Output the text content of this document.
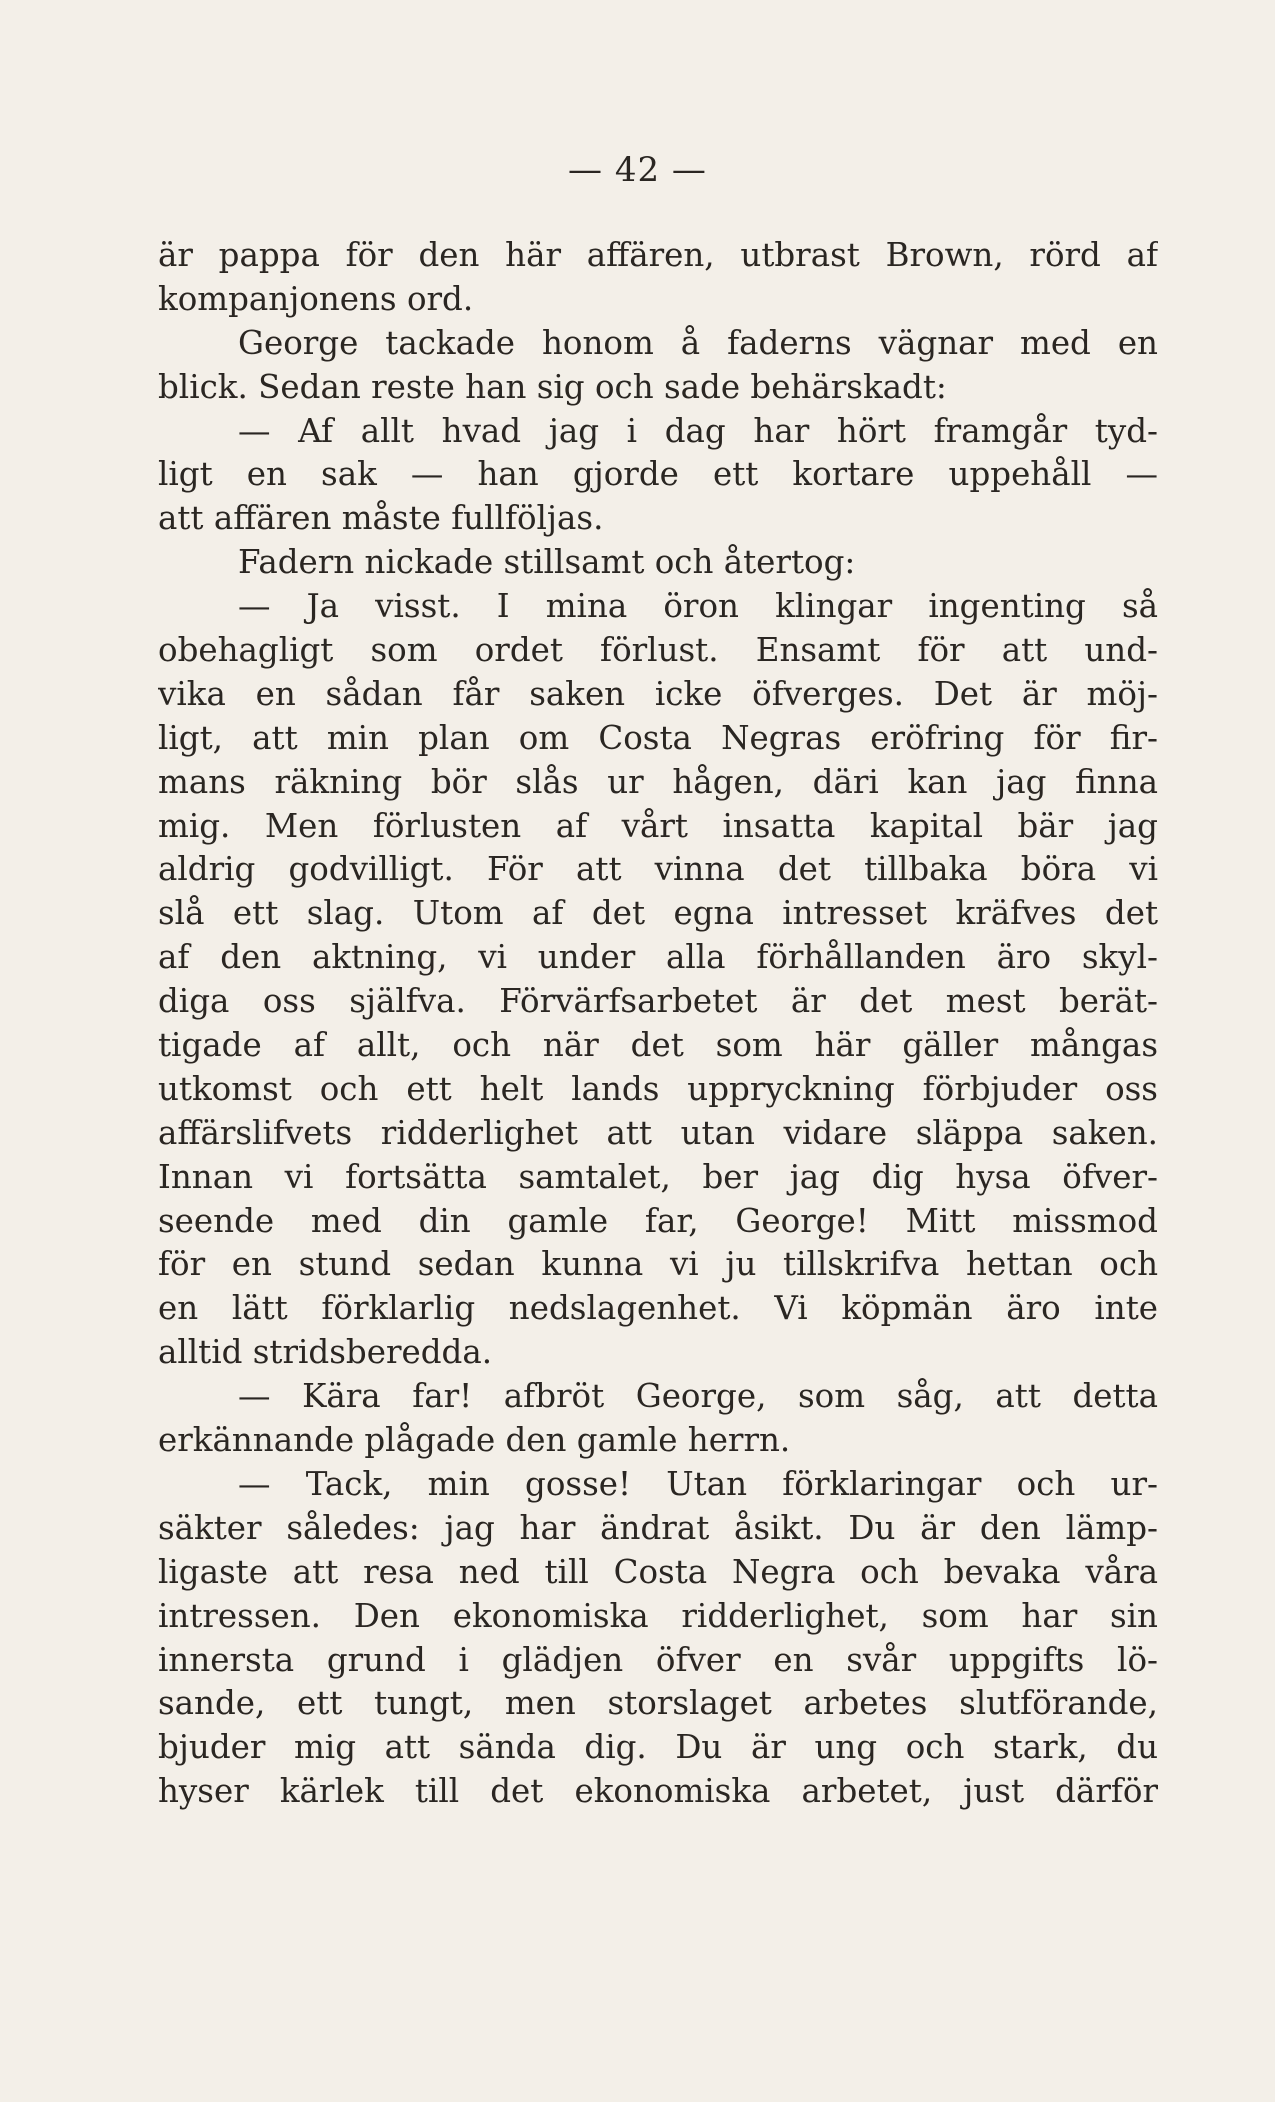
— 42 —
är pappa för den här affären, utbrast Brown, rörd af
kompanjonens ord.
George tackade honom å faderns vägnar med en
blick. Sedan reste han sig och sade behärskadt:
— Af allt hvad jag i dag har hört framgår tyd-
ligt en sak — han gjorde ett kortare uppehåll —
att affären måste fullföljas.
Fadern nickade stillsamt och återtog:
— Ja visst. I mina öron klingar ingenting så
obehagligt som ordet förlust. Ensamt för att und-
vika en sådan får saken icke öfverges. Det är möj-
ligt, att min plan om Costa Negras eröfring för fir-
mans räkning bör slås ur hågen, däri kan jag finna
mig. Men förlusten af vårt insatta kapital bär jag
aldrig godvilligt. För att vinna det tillbaka böra vi
slå ett slag. Utom af det egna intresset kräfves det
af den aktning, vi under alla förhållanden äro skyl-
diga oss själfva. Förvärfsarbetet är det mest berät-
tigade af allt, och när det som här gäller mångas
utkomst och ett helt lands uppryckning förbjuder oss
affärslifvets ridderlighet att utan vidare släppa saken.
Innan vi fortsätta samtalet, ber jag dig hysa öfver-
seende med din gamle far, George! Mitt missmod
för en stund sedan kunna vi ju tillskrifva hettan och
en lätt förklarlig nedslagenhet. Vi köpmän äro inte
alltid stridsberedda.
— Kära far! afbröt George, som såg, att detta
erkännande plågade den gamle herrn.
— Tack, min gosse! Utan förklaringar och ur-
säkter således: jag har ändrat åsikt. Du är den lämp-
ligaste att resa ned till Costa Negra och bevaka våra
intressen. Den ekonomiska ridderlighet, som har sin
innersta grund i glädjen öfver en svår uppgifts lö-
sande, ett tungt, men storslaget arbetes slutförande,
bjuder mig att sända dig. Du är ung och stark, du
hyser kärlek till det ekonomiska arbetet, just därför
